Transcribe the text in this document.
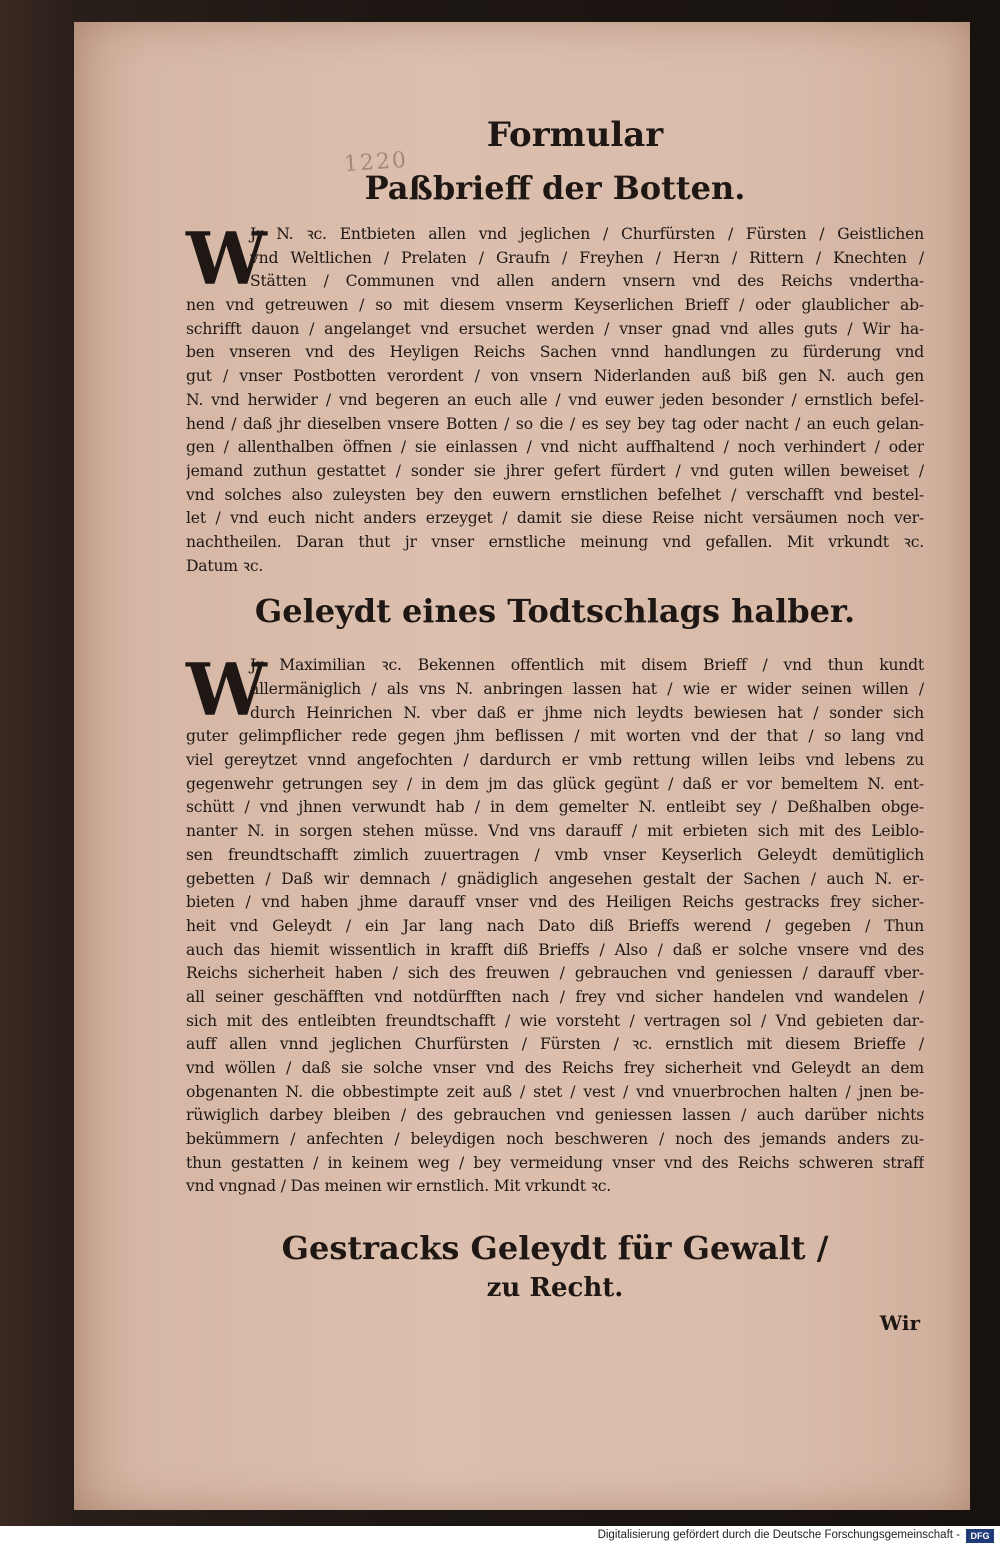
1220
Formular
Paßbrieff der Botten.
W
Jr N. ꝛc. Entbieten allen vnd jeglichen / Churfürsten / Fürsten / Geistlichen
vnd Weltlichen / Prelaten / Graufn / Freyhen / Herꝛn / Rittern / Knechten /
Stätten / Communen vnd allen andern vnsern vnd des Reichs vndertha-
nen vnd getreuwen / so mit diesem vnserm Keyserlichen Brieff / oder glaublicher ab-
schrifft dauon / angelanget vnd ersuchet werden / vnser gnad vnd alles guts / Wir ha-
ben vnseren vnd des Heyligen Reichs Sachen vnnd handlungen zu fürderung vnd
gut / vnser Postbotten verordent / von vnsern Niderlanden auß biß gen N. auch gen
N. vnd herwider / vnd begeren an euch alle / vnd euwer jeden besonder / ernstlich befel-
hend / daß jhr dieselben vnsere Botten / so die / es sey bey tag oder nacht / an euch gelan-
gen / allenthalben öffnen / sie einlassen / vnd nicht auffhaltend / noch verhindert / oder
jemand zuthun gestattet / sonder sie jhrer gefert fürdert / vnd guten willen beweiset /
vnd solches also zuleysten bey den euwern ernstlichen befelhet / verschafft vnd bestel-
let / vnd euch nicht anders erzeyget / damit sie diese Reise nicht versäumen noch ver-
nachtheilen. Daran thut jr vnser ernstliche meinung vnd gefallen. Mit vrkundt ꝛc.
Datum ꝛc.
Geleydt eines Todtschlags halber.
W
Jr Maximilian ꝛc. Bekennen offentlich mit disem Brieff / vnd thun kundt
allermäniglich / als vns N. anbringen lassen hat / wie er wider seinen willen /
durch Heinrichen N. vber daß er jhme nich leydts bewiesen hat / sonder sich
guter gelimpflicher rede gegen jhm beflissen / mit worten vnd der that / so lang vnd
viel gereytzet vnnd angefochten / dardurch er vmb rettung willen leibs vnd lebens zu
gegenwehr getrungen sey / in dem jm das glück gegünt / daß er vor bemeltem N. ent-
schütt / vnd jhnen verwundt hab / in dem gemelter N. entleibt sey / Deßhalben obge-
nanter N. in sorgen stehen müsse. Vnd vns darauff / mit erbieten sich mit des Leiblo-
sen freundtschafft zimlich zuuertragen / vmb vnser Keyserlich Geleydt demütiglich
gebetten / Daß wir demnach / gnädiglich angesehen gestalt der Sachen / auch N. er-
bieten / vnd haben jhme darauff vnser vnd des Heiligen Reichs gestracks frey sicher-
heit vnd Geleydt / ein Jar lang nach Dato diß Brieffs werend / gegeben / Thun
auch das hiemit wissentlich in krafft diß Brieffs / Also / daß er solche vnsere vnd des
Reichs sicherheit haben / sich des freuwen / gebrauchen vnd geniessen / darauff vber-
all seiner geschäfften vnd notdürfften nach / frey vnd sicher handelen vnd wandelen /
sich mit des entleibten freundtschafft / wie vorsteht / vertragen sol / Vnd gebieten dar-
auff allen vnnd jeglichen Churfürsten / Fürsten / ꝛc. ernstlich mit diesem Brieffe /
vnd wöllen / daß sie solche vnser vnd des Reichs frey sicherheit vnd Geleydt an dem
obgenanten N. die obbestimpte zeit auß / stet / vest / vnd vnuerbrochen halten / jnen be-
rüwiglich darbey bleiben / des gebrauchen vnd geniessen lassen / auch darüber nichts
bekümmern / anfechten / beleydigen noch beschweren / noch des jemands anders zu-
thun gestatten / in keinem weg / bey vermeidung vnser vnd des Reichs schweren straff
vnd vngnad / Das meinen wir ernstlich. Mit vrkundt ꝛc.
Gestracks Geleydt für Gewalt /
zu Recht.
Wir
Digitalisierung gefördert durch die Deutsche Forschungsgemeinschaft -	DFG
